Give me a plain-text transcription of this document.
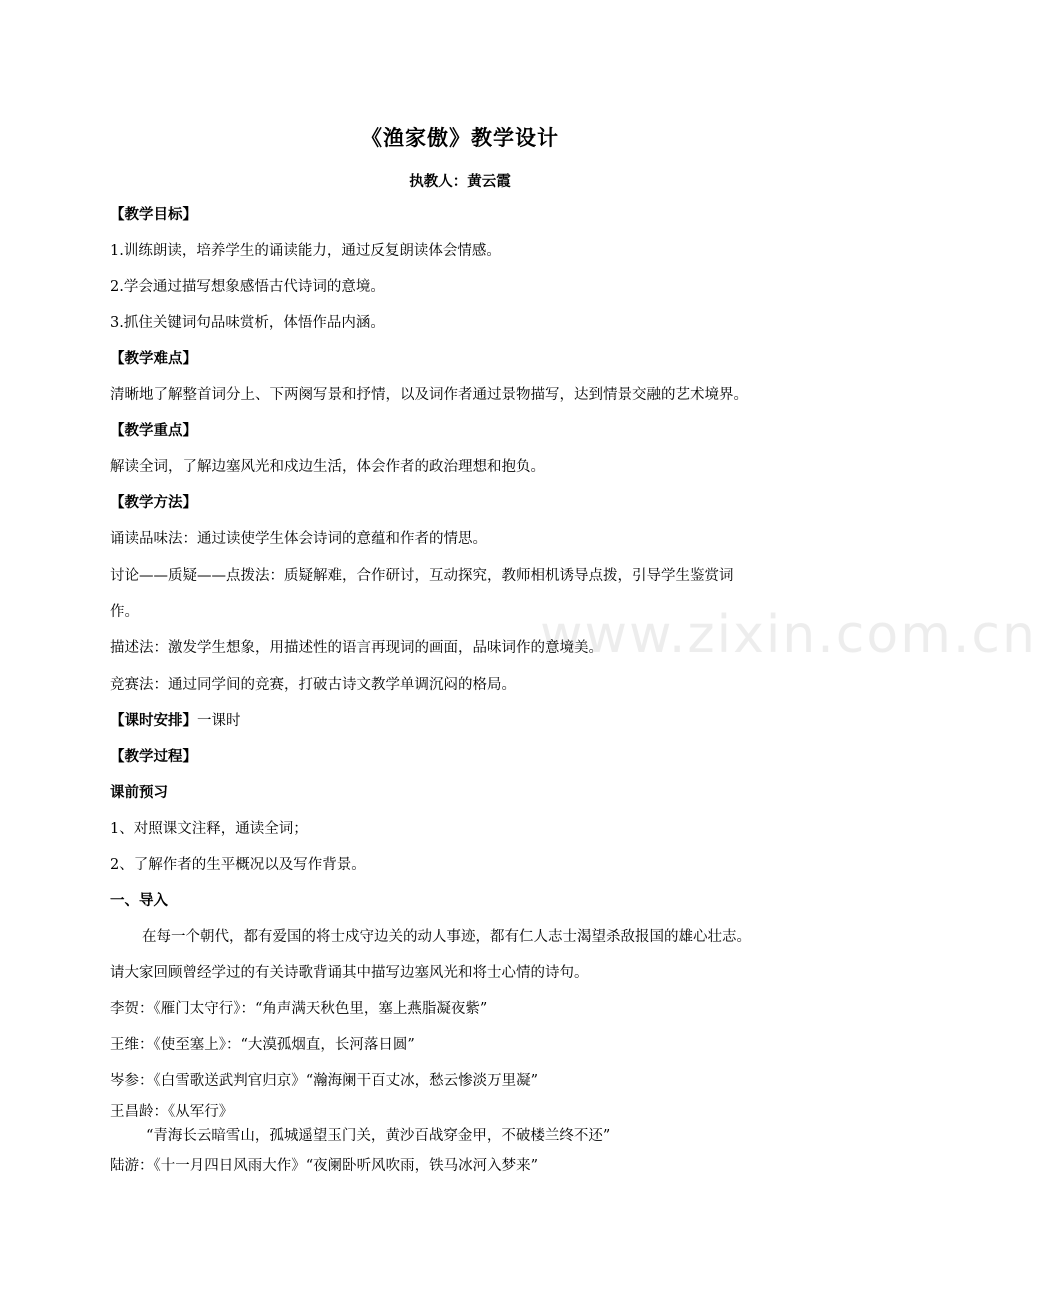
www.zixin.com.cn
《渔家傲》教学设计
执教人：黄云霞
【教学目标】
1.训练朗读，培养学生的诵读能力，通过反复朗读体会情感。
2.学会通过描写想象感悟古代诗词的意境。
3.抓住关键词句品味赏析，体悟作品内涵。
【教学难点】
清晰地了解整首词分上、下两阕写景和抒情，以及词作者通过景物描写，达到情景交融的艺术境界。
【教学重点】
解读全词，了解边塞风光和戍边生活，体会作者的政治理想和抱负。
【教学方法】
诵读品味法：通过读使学生体会诗词的意蕴和作者的情思。
讨论——质疑——点拨法：质疑解难，合作研讨，互动探究，教师相机诱导点拨，引导学生鉴赏词
作。
描述法：激发学生想象，用描述性的语言再现词的画面，品味词作的意境美。
竞赛法：通过同学间的竞赛，打破古诗文教学单调沉闷的格局。
【课时安排】一课时
【教学过程】
课前预习
1、对照课文注释，通读全词；
2、了解作者的生平概况以及写作背景。
一、导入
在每一个朝代，都有爱国的将士戍守边关的动人事迹，都有仁人志士渴望杀敌报国的雄心壮志。
请大家回顾曾经学过的有关诗歌背诵其中描写边塞风光和将士心情的诗句。
李贺：《雁门太守行》：“角声满天秋色里，塞上燕脂凝夜紫”
王维：《使至塞上》：“大漠孤烟直，长河落日圆”
岑参：《白雪歌送武判官归京》“瀚海阑干百丈冰，愁云惨淡万里凝”
王昌龄：《从军行》
“青海长云暗雪山，孤城遥望玉门关，黄沙百战穿金甲，不破楼兰终不还”
陆游：《十一月四日风雨大作》“夜阑卧听风吹雨，铁马冰河入梦来”
